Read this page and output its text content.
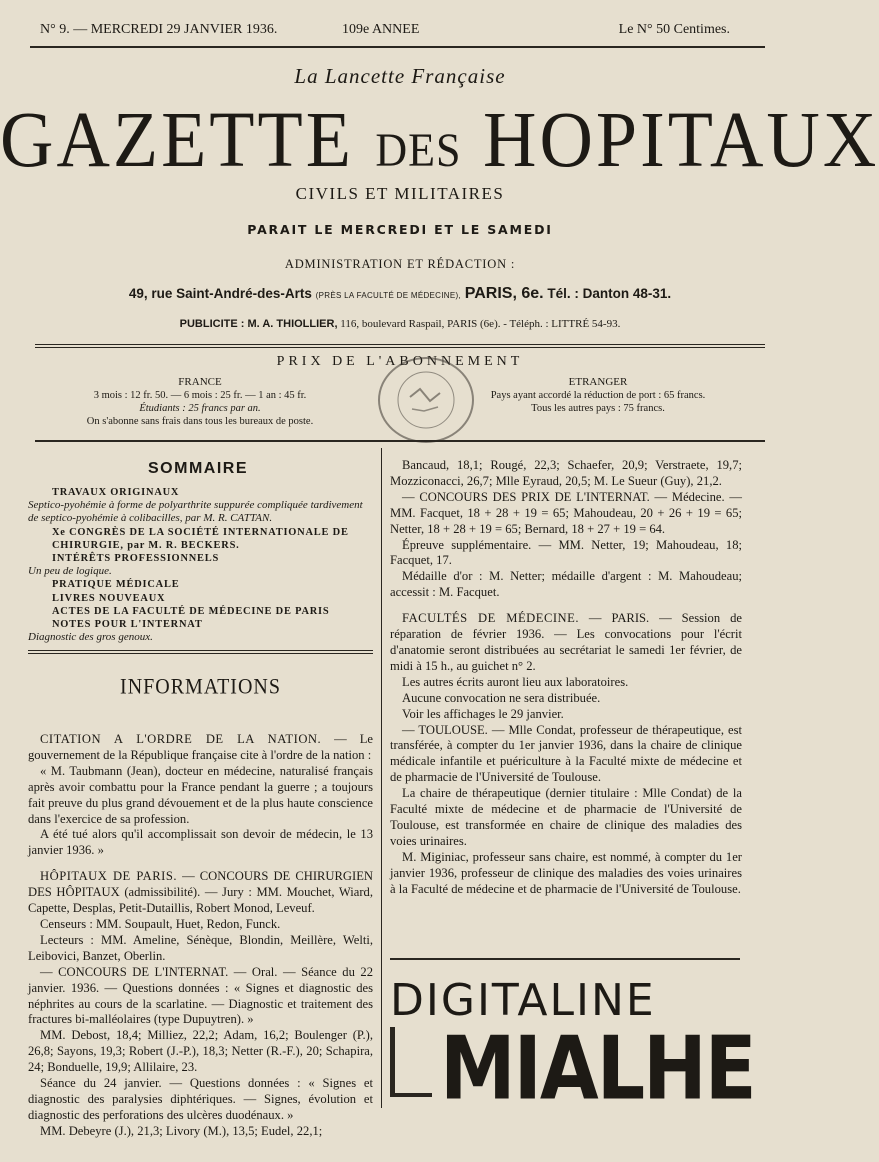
N° 9. — MERCREDI 29 JANVIER 1936.	109e ANNEE	Le N° 50 Centimes.
La Lancette Française
GAZETTE DES HOPITAUX
CIVILS ET MILITAIRES
PARAIT LE MERCREDI ET LE SAMEDI
ADMINISTRATION ET RÉDACTION :
49, rue Saint-André-des-Arts (PRÈS LA FACULTÉ DE MÉDECINE), PARIS, 6e. Tél. : Danton 48-31.
PUBLICITE : M. A. THIOLLIER, 116, boulevard Raspail, PARIS (6e). - Téléph. : LITTRÉ 54-93.
PRIX DE L'ABONNEMENT
FRANCE
3 mois : 12 fr. 50. — 6 mois : 25 fr. — 1 an : 45 fr.
Étudiants : 25 francs par an.
On s'abonne sans frais dans tous les bureaux de poste.
ETRANGER
Pays ayant accordé la réduction de port : 65 francs.
Tous les autres pays : 75 francs.
SOMMAIRE
TRAVAUX ORIGINAUX
Septico-pyohémie à forme de polyarthrite suppurée compliquée tardivement de septico-pyohémie à colibacilles, par M. R. CATTAN.
Xe CONGRÈS DE LA SOCIÉTÉ INTERNATIONALE DE CHIRURGIE, par M. R. BECKERS.
INTÉRÊTS PROFESSIONNELS
Un peu de logique.
PRATIQUE MÉDICALE
LIVRES NOUVEAUX
ACTES DE LA FACULTÉ DE MÉDECINE DE PARIS
NOTES POUR L'INTERNAT
Diagnostic des gros genoux.
INFORMATIONS

CITATION A L'ORDRE DE LA NATION. — Le gouvernement de la République française cite à l'ordre de la nation :

« M. Taubmann (Jean), docteur en médecine, naturalisé français après avoir combattu pour la France pendant la guerre ; a toujours fait preuve du plus grand dévouement et de la plus haute conscience dans l'exercice de sa profession.

A été tué alors qu'il accomplissait son devoir de médecin, le 13 janvier 1936. »

HÔPITAUX DE PARIS. — CONCOURS DE CHIRURGIEN DES HÔPITAUX (admissibilité). — Jury : MM. Mouchet, Wiard, Capette, Desplas, Petit-Dutaillis, Robert Monod, Leveuf.

Censeurs : MM. Soupault, Huet, Redon, Funck.

Lecteurs : MM. Ameline, Sénèque, Blondin, Meillère, Welti, Leibovici, Banzet, Oberlin.

— CONCOURS DE L'INTERNAT. — Oral. — Séance du 22 janvier. 1936. — Questions données : « Signes et diagnostic des néphrites au cours de la scarlatine. — Diagnostic et traitement des fractures bi-malléolaires (type Dupuytren). »

MM. Debost, 18,4; Milliez, 22,2; Adam, 16,2; Boulenger (P.), 26,8; Sayons, 19,3; Robert (J.-P.), 18,3; Netter (R.-F.), 20; Schapira, 24; Bonduelle, 19,9; Allilaire, 23.

Séance du 24 janvier. — Questions données : « Signes et diagnostic des paralysies diphtériques. — Signes, évolution et diagnostic des perforations des ulcères duodénaux. »

MM. Debeyre (J.), 21,3; Livory (M.), 13,5; Eudel, 22,1;

Bancaud, 18,1; Rougé, 22,3; Schaefer, 20,9; Verstraete, 19,7; Mozziconacci, 26,7; Mlle Eyraud, 20,5; M. Le Sueur (Guy), 21,2.

— CONCOURS DES PRIX DE L'INTERNAT. — Médecine. — MM. Facquet, 18 + 28 + 19 = 65; Mahoudeau, 20 + 26 + 19 = 65; Netter, 18 + 28 + 19 = 65; Bernard, 18 + 27 + 19 = 64.

Épreuve supplémentaire. — MM. Netter, 19; Mahoudeau, 18; Facquet, 17.

Médaille d'or : M. Netter; médaille d'argent : M. Mahoudeau; accessit : M. Facquet.

FACULTÉS DE MÉDECINE. — PARIS. — Session de réparation de février 1936. — Les convocations pour l'écrit d'anatomie seront distribuées au secrétariat le samedi 1er février, de midi à 15 h., au guichet n° 2.

Les autres écrits auront lieu aux laboratoires.

Aucune convocation ne sera distribuée.

Voir les affichages le 29 janvier.

— TOULOUSE. — Mlle Condat, professeur de thérapeutique, est transférée, à compter du 1er janvier 1936, dans la chaire de clinique médicale infantile et puériculture à la Faculté mixte de médecine et de pharmacie de l'Université de Toulouse.

La chaire de thérapeutique (dernier titulaire : Mlle Condat) de la Faculté mixte de médecine et de pharmacie de l'Université de Toulouse, est transformée en chaire de clinique des maladies des voies urinaires.

M. Miginiac, professeur sans chaire, est nommé, à compter du 1er janvier 1936, professeur de clinique des maladies des voies urinaires à la Faculté de médecine et de pharmacie de l'Université de Toulouse.

DIGITALINE
MIALHE
